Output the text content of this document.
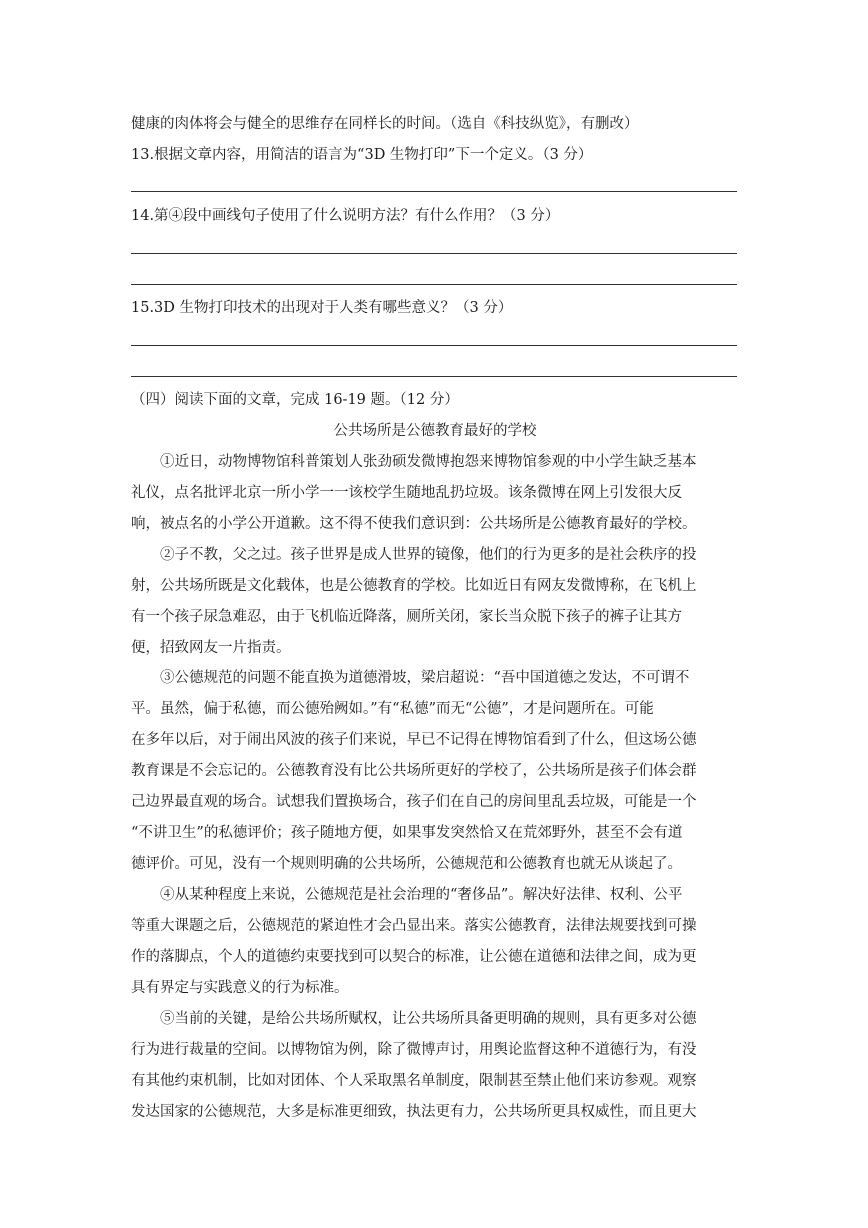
健康的肉体将会与健全的思维存在同样长的时间。（选自《科技纵览》，有删改）
13.根据文章内容，用简洁的语言为“3D 生物打印”下一个定义。（3 分）
14.第④段中画线句子使用了什么说明方法？有什么作用？（3 分）
15.3D 生物打印技术的出现对于人类有哪些意义？（3 分）
（四）阅读下面的文章，完成 16-19 题。（12 分）
公共场所是公德教育最好的学校
①近日，动物博物馆科普策划人张劲硕发微博抱怨来博物馆参观的中小学生缺乏基本
礼仪，点名批评北京一所小学一一该校学生随地乱扔垃圾。该条微博在网上引发很大反
响，被点名的小学公开道歉。这不得不使我们意识到：公共场所是公德教育最好的学校。
②子不教，父之过。孩子世界是成人世界的镜像，他们的行为更多的是社会秩序的投
射，公共场所既是文化载体，也是公德教育的学校。比如近日有网友发微博称，在飞机上
有一个孩子尿急难忍，由于飞机临近降落，厕所关闭，家长当众脱下孩子的裤子让其方
便，招致网友一片指责。
③公德规范的问题不能直换为道德滑坡，梁启超说：“吾中国道德之发达，不可谓不
平。虽然，偏于私德，而公德殆阙如。”有“私德”而无“公德”，才是问题所在。可能
在多年以后，对于闹出风波的孩子们来说，早已不记得在博物馆看到了什么，但这场公德
教育课是不会忘记的。公德教育没有比公共场所更好的学校了，公共场所是孩子们体会群
己边界最直观的场合。试想我们置换场合，孩子们在自己的房间里乱丢垃圾，可能是一个
“不讲卫生”的私德评价；孩子随地方便，如果事发突然恰又在荒郊野外，甚至不会有道
德评价。可见，没有一个规则明确的公共场所，公德规范和公德教育也就无从谈起了。
④从某种程度上来说，公德规范是社会治理的“奢侈品”。解决好法律、权利、公平
等重大课题之后，公德规范的紧迫性才会凸显出来。落实公德教育，法律法规要找到可操
作的落脚点，个人的道德约束要找到可以契合的标准，让公德在道德和法律之间，成为更
具有界定与实践意义的行为标准。
⑤当前的关键，是给公共场所赋权，让公共场所具备更明确的规则，具有更多对公德
行为进行裁量的空间。以博物馆为例，除了微博声讨，用舆论监督这种不道德行为，有没
有其他约束机制，比如对团体、个人采取黑名单制度，限制甚至禁止他们来访参观。观察
发达国家的公德规范，大多是标准更细致，执法更有力，公共场所更具权威性，而且更大
